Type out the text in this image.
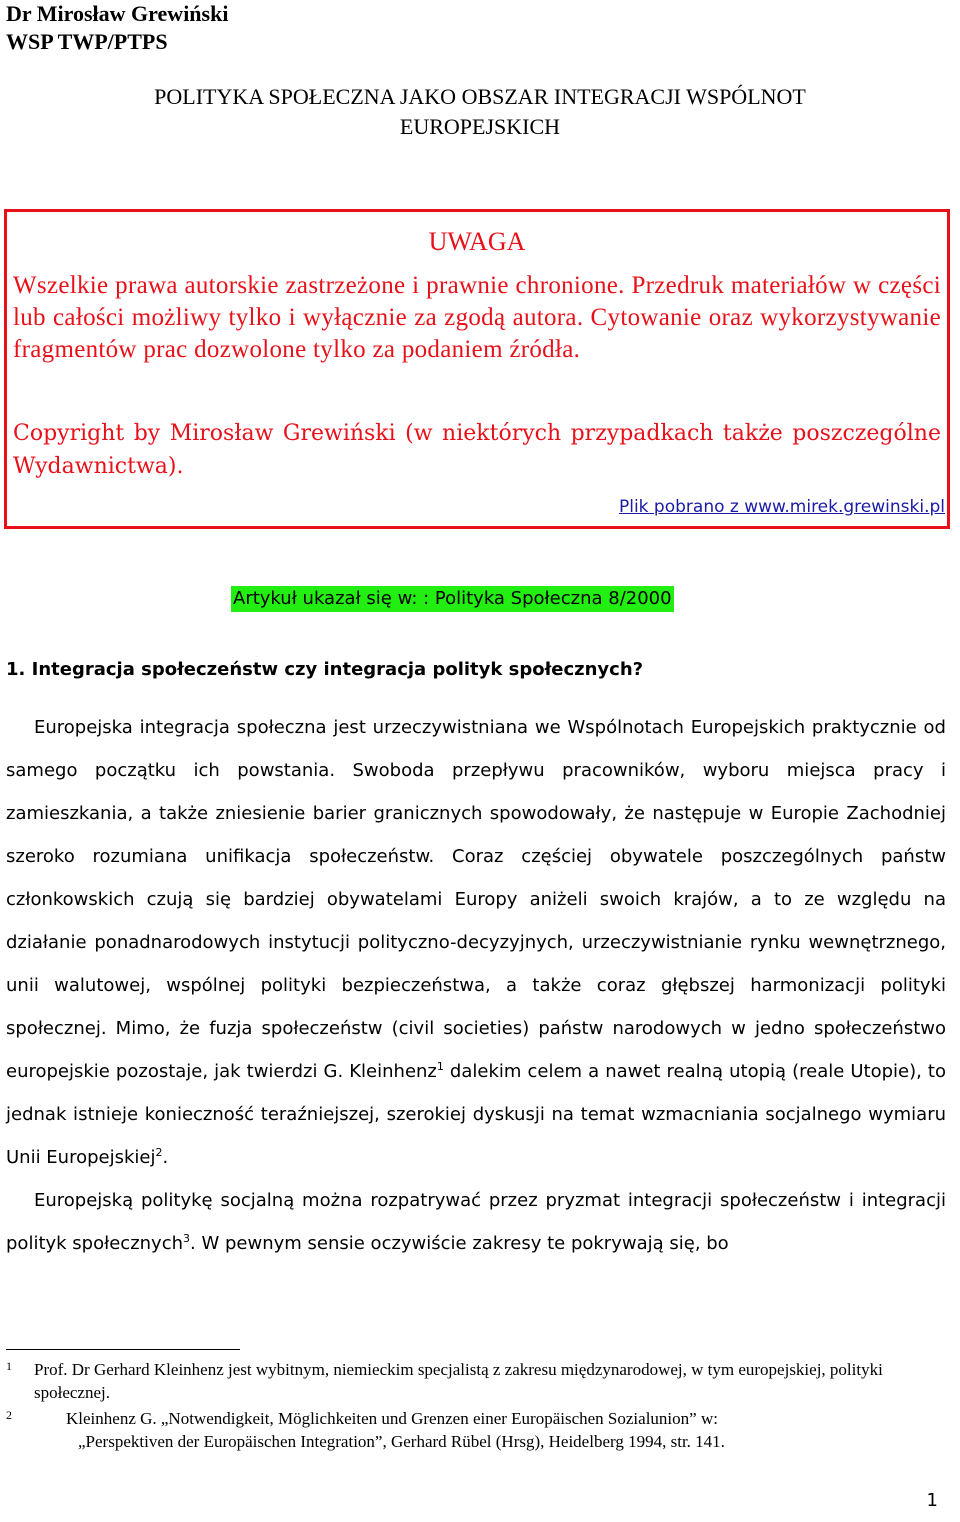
Dr Mirosław Grewiński
WSP TWP/PTPS
POLITYKA SPOŁECZNA JAKO OBSZAR INTEGRACJI WSPÓLNOT
EUROPEJSKICH
UWAGA
Wszelkie prawa autorskie zastrzeżone i prawnie chronione. Przedruk materiałów w części lub całości możliwy tylko i wyłącznie za zgodą autora. Cytowanie oraz wykorzystywanie fragmentów prac dozwolone tylko za podaniem źródła.
Copyright by Mirosław Grewiński (w niektórych przypadkach także poszczególne Wydawnictwa).
Plik pobrano z www.mirek.grewinski.pl
Artykuł ukazał się w: : Polityka Społeczna 8/2000
1. Integracja społeczeństw czy integracja polityk społecznych?

Europejska integracja społeczna jest urzeczywistniana we Wspólnotach Europejskich praktycznie od samego początku ich powstania. Swoboda przepływu pracowników, wyboru miejsca pracy i zamieszkania, a także zniesienie barier granicznych spowodowały, że następuje w Europie Zachodniej szeroko rozumiana unifikacja społeczeństw. Coraz częściej obywatele poszczególnych państw członkowskich czują się bardziej obywatelami Europy aniżeli swoich krajów, a to ze względu na działanie ponadnarodowych instytucji polityczno-decyzyjnych, urzeczywistnianie rynku wewnętrznego, unii walutowej, wspólnej polityki bezpieczeństwa, a także coraz głębszej harmonizacji polityki społecznej. Mimo, że fuzja społeczeństw (civil societies) państw narodowych w jedno społeczeństwo europejskie pozostaje, jak twierdzi G. Kleinhenz$^1$ dalekim celem a nawet realną utopią (reale Utopie), to jednak istnieje konieczność teraźniejszej, szerokiej dyskusji na temat wzmacniania socjalnego wymiaru Unii Europejskiej$^2$.

Europejską politykę socjalną można rozpatrywać przez pryzmat integracji społeczeństw i integracji polityk społecznych$^3$. W pewnym sensie oczywiście zakresy te pokrywają się, bo

1 Prof. Dr Gerhard Kleinhenz jest wybitnym, niemieckim specjalistą z zakresu międzynarodowej, w tym europejskiej, polityki społecznej.
2	Kleinhenz G. „Notwendigkeit, Möglichkeiten und Grenzen einer Europäischen Sozialunion” w:
„Perspektiven der Europäischen Integration”, Gerhard Rübel (Hrsg), Heidelberg 1994, str. 141.
1
